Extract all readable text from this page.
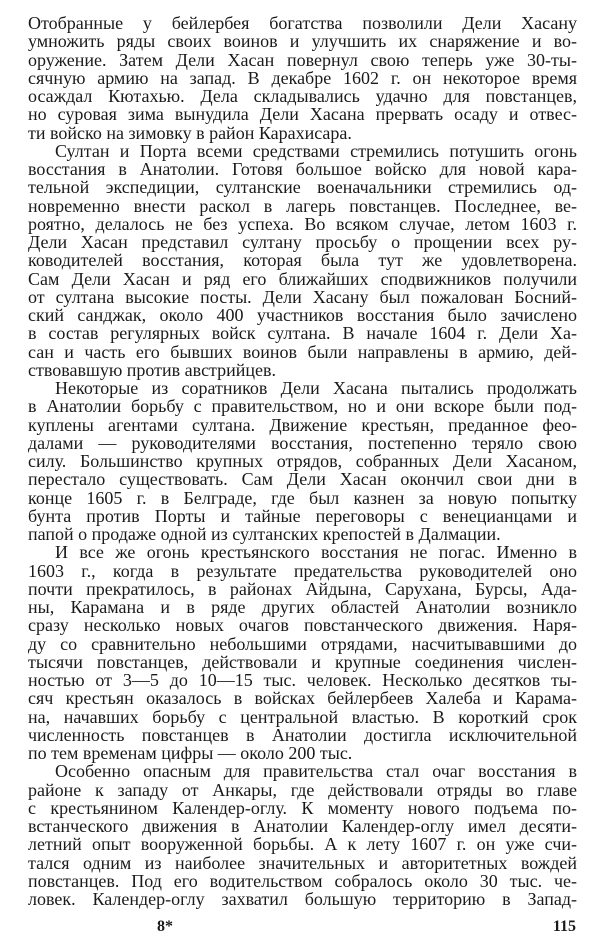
Отобранные у бейлербея богатства позволили Дели Хасану
умножить ряды своих воинов и улучшить их снаряжение и во-
оружение. Затем Дели Хасан повернул свою теперь уже 30-ты-
сячную армию на запад. В декабре 1602 г. он некоторое время
осаждал Кютахью. Дела складывались удачно для повстанцев,
но суровая зима вынудила Дели Хасана прервать осаду и отвес-
ти войско на зимовку в район Карахисара.
Султан и Порта всеми средствами стремились потушить огонь
восстания в Анатолии. Готовя большое войско для новой кара-
тельной экспедиции, султанские военачальники стремились од-
новременно внести раскол в лагерь повстанцев. Последнее, ве-
роятно, делалось не без успеха. Во всяком случае, летом 1603 г.
Дели Хасан представил султану просьбу о прощении всех ру-
ководителей восстания, которая была тут же удовлетворена.
Сам Дели Хасан и ряд его ближайших сподвижников получили
от султана высокие посты. Дели Хасану был пожалован Босний-
ский санджак, около 400 участников восстания было зачислено
в состав регулярных войск султана. В начале 1604 г. Дели Ха-
сан и часть его бывших воинов были направлены в армию, дей-
ствовавшую против австрийцев.
Некоторые из соратников Дели Хасана пытались продолжать
в Анатолии борьбу с правительством, но и они вскоре были под-
куплены агентами султана. Движение крестьян, преданное фео-
далами — руководителями восстания, постепенно теряло свою
силу. Большинство крупных отрядов, собранных Дели Хасаном,
перестало существовать. Сам Дели Хасан окончил свои дни в
конце 1605 г. в Белграде, где был казнен за новую попытку
бунта против Порты и тайные переговоры с венецианцами и
папой о продаже одной из султанских крепостей в Далмации.
И все же огонь крестьянского восстания не погас. Именно в
1603 г., когда в результате предательства руководителей оно
почти прекратилось, в районах Айдына, Сарухана, Бурсы, Ада-
ны, Карамана и в ряде других областей Анатолии возникло
сразу несколько новых очагов повстанческого движения. Наря-
ду со сравнительно небольшими отрядами, насчитывавшими до
тысячи повстанцев, действовали и крупные соединения числен-
ностью от 3—5 до 10—15 тыс. человек. Несколько десятков ты-
сяч крестьян оказалось в войсках бейлербеев Халеба и Карама-
на, начавших борьбу с центральной властью. В короткий срок
численность повстанцев в Анатолии достигла исключительной
по тем временам цифры — около 200 тыс.
Особенно опасным для правительства стал очаг восстания в
районе к западу от Анкары, где действовали отряды во главе
с крестьянином Календер-оглу. К моменту нового подъема по-
встанческого движения в Анатолии Календер-оглу имел десяти-
летний опыт вооруженной борьбы. А к лету 1607 г. он уже счи-
тался одним из наиболее значительных и авторитетных вождей
повстанцев. Под его водительством собралось около 30 тыс. че-
ловек. Календер-оглу захватил большую территорию в Запад-
8*	115
